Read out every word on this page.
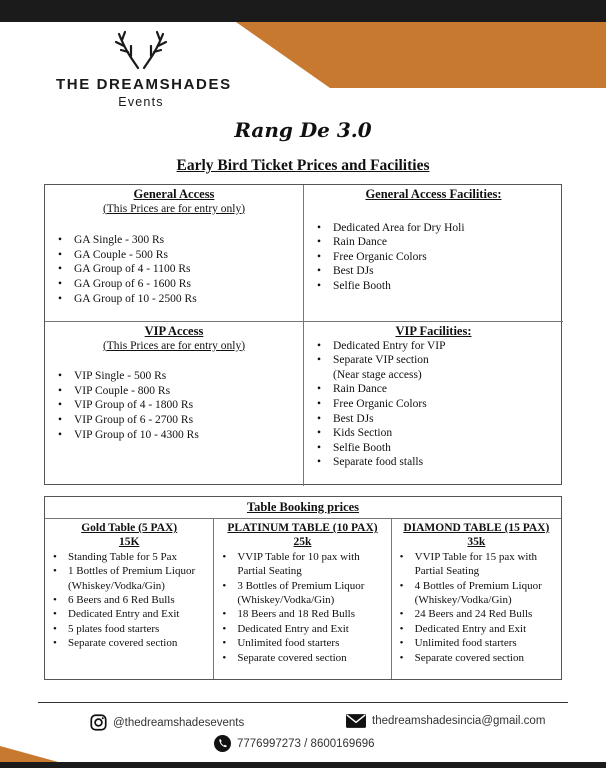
THE DREAMSHADES
Events
Rang De 3.0
Early Bird Ticket Prices and Facilities
General Access
(This Prices are for entry only)
• GA Single - 300 Rs
• GA Couple - 500 Rs
• GA Group of 4 - 1100 Rs
• GA Group of 6 - 1600 Rs
• GA Group of 10 - 2500 Rs
General Access Facilities:
• Dedicated Area for Dry Holi
• Rain Dance
• Free Organic Colors
• Best DJs
• Selfie Booth
VIP Access
(This Prices are for entry only)
• VIP Single - 500 Rs
• VIP Couple - 800 Rs
• VIP Group of 4 - 1800 Rs
• VIP Group of 6 - 2700 Rs
• VIP Group of 10 - 4300 Rs
VIP Facilities:
• Dedicated Entry for VIP
• Separate VIP section
(Near stage access)
• Rain Dance
• Free Organic Colors
• Best DJs
• Kids Section
• Selfie Booth
• Separate food stalls
Table Booking prices
Gold Table (5 PAX)
15K
• Standing Table for 5 Pax
• 1 Bottles of Premium Liquor (Whiskey/Vodka/Gin)
• 6 Beers and 6 Red Bulls
• Dedicated Entry and Exit
• 5 plates food starters
• Separate covered section
PLATINUM TABLE (10 PAX)
25k
• VVIP Table for 10 pax with Partial Seating
• 3 Bottles of Premium Liquor (Whiskey/Vodka/Gin)
• 18 Beers and 18 Red Bulls
• Dedicated Entry and Exit
• Unlimited food starters
• Separate covered section
DIAMOND TABLE (15 PAX)
35k
• VVIP Table for 15 pax with Partial Seating
• 4 Bottles of Premium Liquor (Whiskey/Vodka/Gin)
• 24 Beers and 24 Red Bulls
• Dedicated Entry and Exit
• Unlimited food starters
• Separate covered section
@thedreamshadesevents	thedreamshadesincia@gmail.com
7776997273 / 8600169696
